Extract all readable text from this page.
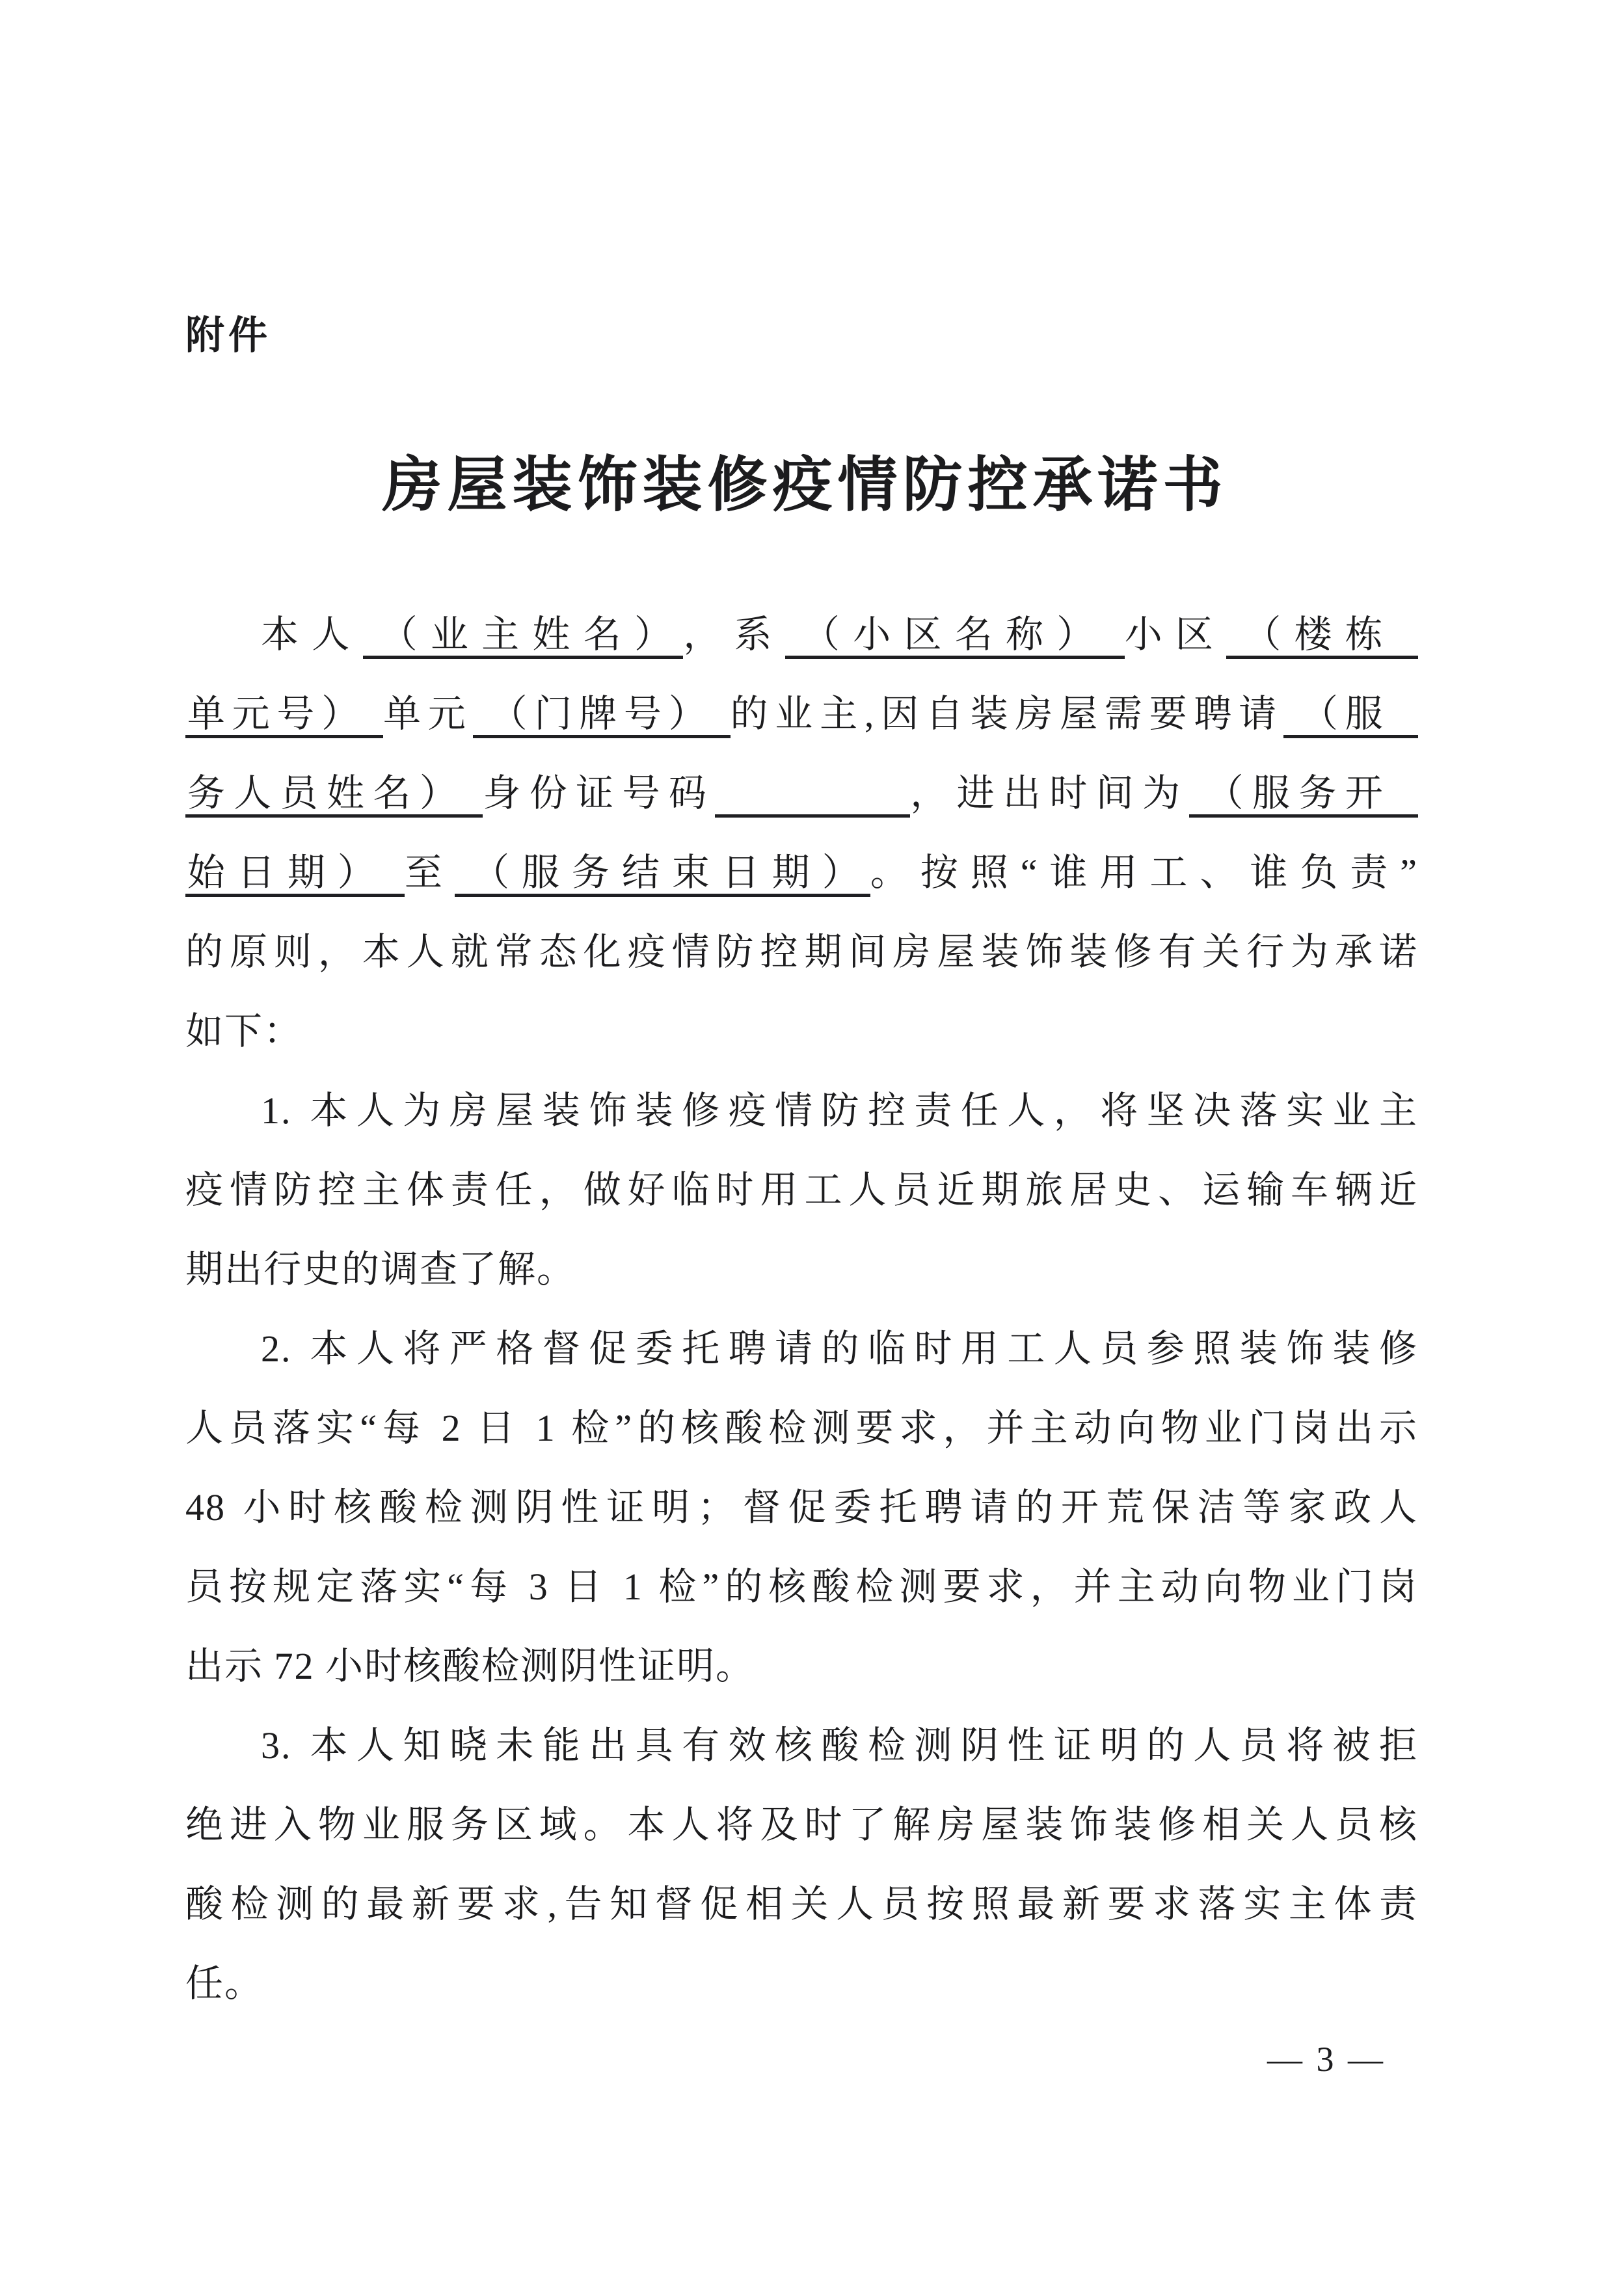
附件
房屋装饰装修疫情防控承诺书
本人 （业主姓名） ，系 （小区名称） 小区 （楼栋
单元号） 单元 （门牌号） 的业主,因自装房屋需要聘请 （服
务人员姓名） 身份证号码	，进出时间为 （服务开
始日期） 至 （服务结束日期） 。按照“谁用工、谁负责”
的原则，本人就常态化疫情防控期间房屋装饰装修有关行为承诺
如下：
1. 本人为房屋装饰装修疫情防控责任人，将坚决落实业主
疫情防控主体责任，做好临时用工人员近期旅居史、运输车辆近
期出行史的调查了解。
2. 本人将严格督促委托聘请的临时用工人员参照装饰装修
人员落实“每 2 日 1 检”的核酸检测要求，并主动向物业门岗出示
48 小时核酸检测阴性证明；督促委托聘请的开荒保洁等家政人
员按规定落实“每 3 日 1 检”的核酸检测要求，并主动向物业门岗
出示 72 小时核酸检测阴性证明。
3. 本人知晓未能出具有效核酸检测阴性证明的人员将被拒
绝进入物业服务区域。本人将及时了解房屋装饰装修相关人员核
酸检测的最新要求,告知督促相关人员按照最新要求落实主体责
任。
— 3 —
